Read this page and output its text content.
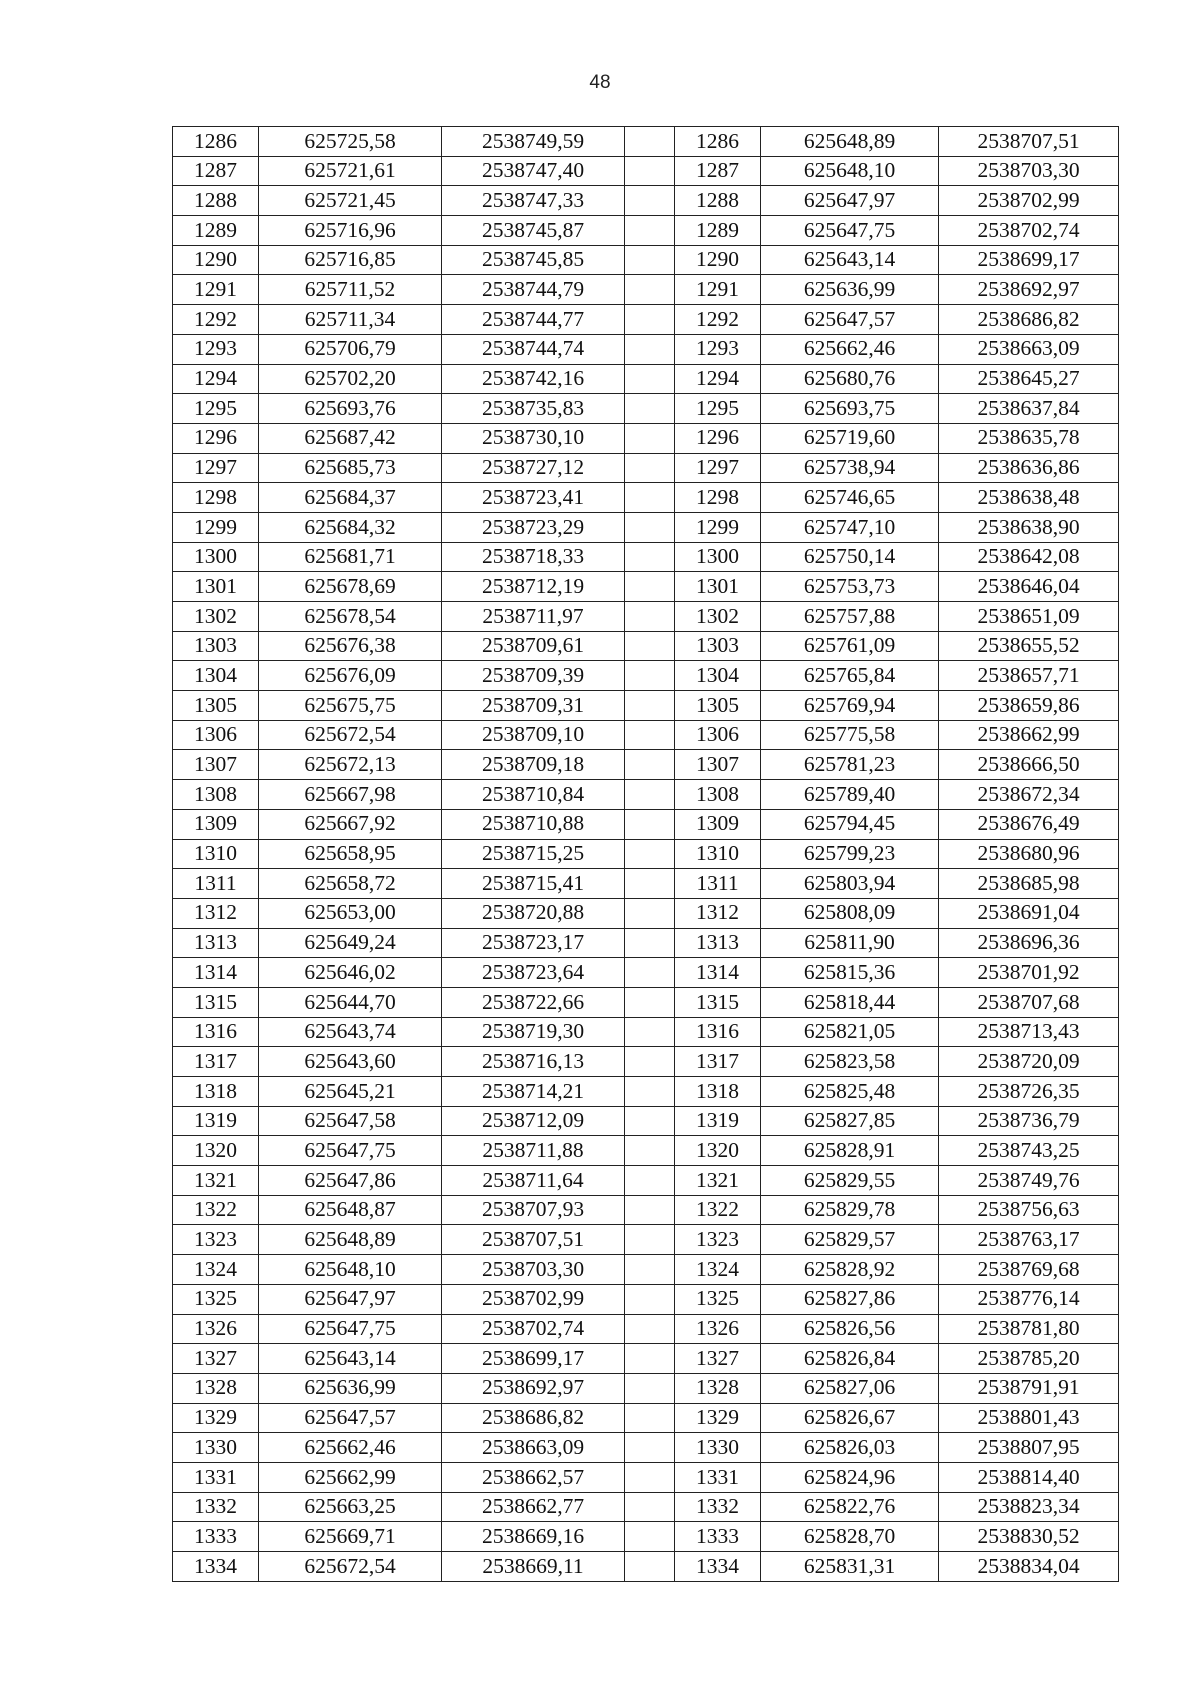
48
1286	625725,58	2538749,59		1286	625648,89	2538707,51
1287	625721,61	2538747,40		1287	625648,10	2538703,30
1288	625721,45	2538747,33		1288	625647,97	2538702,99
1289	625716,96	2538745,87		1289	625647,75	2538702,74
1290	625716,85	2538745,85		1290	625643,14	2538699,17
1291	625711,52	2538744,79		1291	625636,99	2538692,97
1292	625711,34	2538744,77		1292	625647,57	2538686,82
1293	625706,79	2538744,74		1293	625662,46	2538663,09
1294	625702,20	2538742,16		1294	625680,76	2538645,27
1295	625693,76	2538735,83		1295	625693,75	2538637,84
1296	625687,42	2538730,10		1296	625719,60	2538635,78
1297	625685,73	2538727,12		1297	625738,94	2538636,86
1298	625684,37	2538723,41		1298	625746,65	2538638,48
1299	625684,32	2538723,29		1299	625747,10	2538638,90
1300	625681,71	2538718,33		1300	625750,14	2538642,08
1301	625678,69	2538712,19		1301	625753,73	2538646,04
1302	625678,54	2538711,97		1302	625757,88	2538651,09
1303	625676,38	2538709,61		1303	625761,09	2538655,52
1304	625676,09	2538709,39		1304	625765,84	2538657,71
1305	625675,75	2538709,31		1305	625769,94	2538659,86
1306	625672,54	2538709,10		1306	625775,58	2538662,99
1307	625672,13	2538709,18		1307	625781,23	2538666,50
1308	625667,98	2538710,84		1308	625789,40	2538672,34
1309	625667,92	2538710,88		1309	625794,45	2538676,49
1310	625658,95	2538715,25		1310	625799,23	2538680,96
1311	625658,72	2538715,41		1311	625803,94	2538685,98
1312	625653,00	2538720,88		1312	625808,09	2538691,04
1313	625649,24	2538723,17		1313	625811,90	2538696,36
1314	625646,02	2538723,64		1314	625815,36	2538701,92
1315	625644,70	2538722,66		1315	625818,44	2538707,68
1316	625643,74	2538719,30		1316	625821,05	2538713,43
1317	625643,60	2538716,13		1317	625823,58	2538720,09
1318	625645,21	2538714,21		1318	625825,48	2538726,35
1319	625647,58	2538712,09		1319	625827,85	2538736,79
1320	625647,75	2538711,88		1320	625828,91	2538743,25
1321	625647,86	2538711,64		1321	625829,55	2538749,76
1322	625648,87	2538707,93		1322	625829,78	2538756,63
1323	625648,89	2538707,51		1323	625829,57	2538763,17
1324	625648,10	2538703,30		1324	625828,92	2538769,68
1325	625647,97	2538702,99		1325	625827,86	2538776,14
1326	625647,75	2538702,74		1326	625826,56	2538781,80
1327	625643,14	2538699,17		1327	625826,84	2538785,20
1328	625636,99	2538692,97		1328	625827,06	2538791,91
1329	625647,57	2538686,82		1329	625826,67	2538801,43
1330	625662,46	2538663,09		1330	625826,03	2538807,95
1331	625662,99	2538662,57		1331	625824,96	2538814,40
1332	625663,25	2538662,77		1332	625822,76	2538823,34
1333	625669,71	2538669,16		1333	625828,70	2538830,52
1334	625672,54	2538669,11		1334	625831,31	2538834,04
